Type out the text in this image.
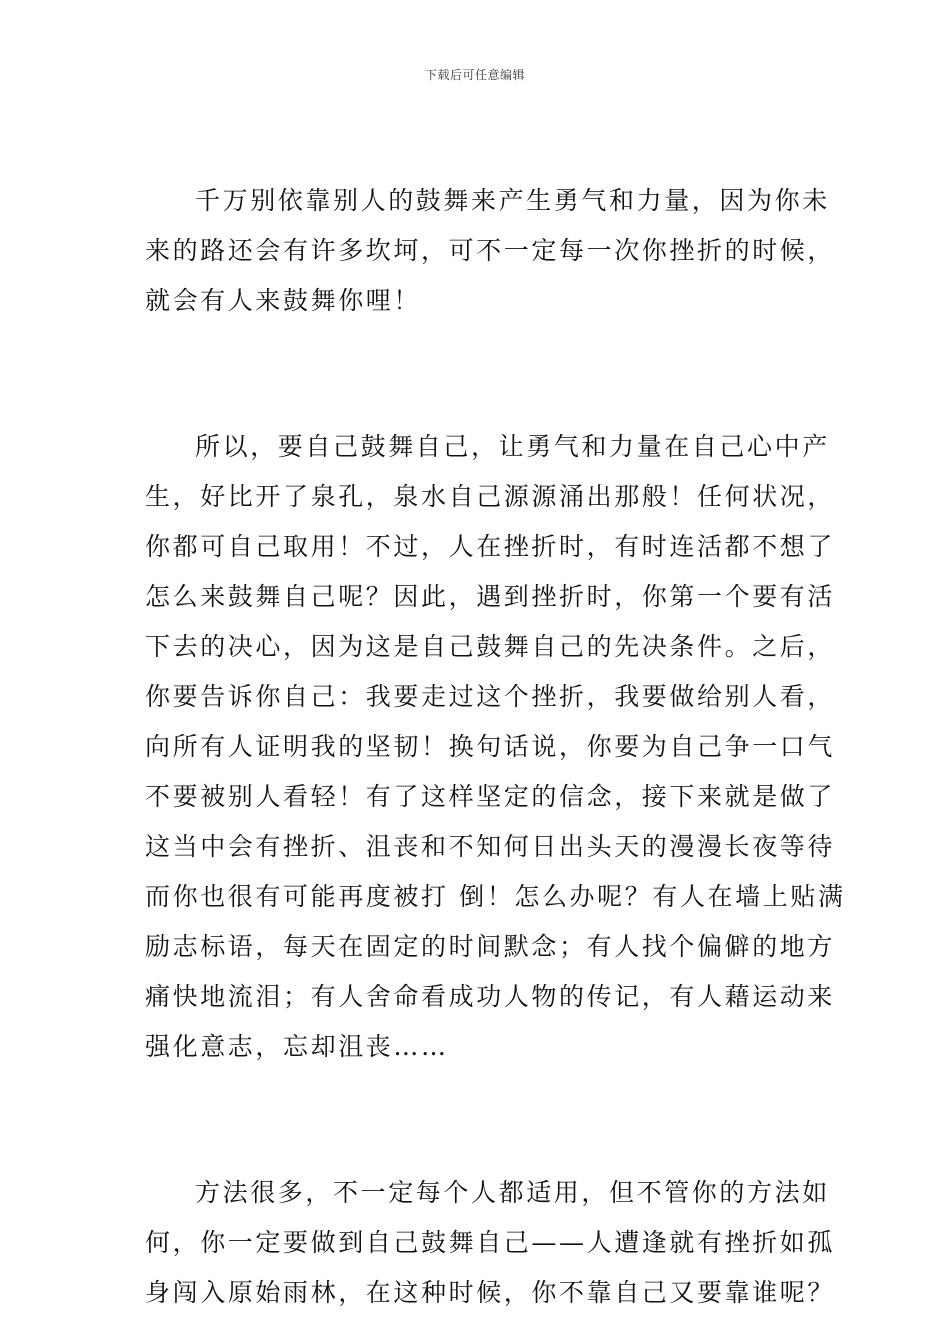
下载后可任意编辑
千万别依靠别人的鼓舞来产生勇气和力量，因为你未
来的路还会有许多坎坷，可不一定每一次你挫折的时候，
就会有人来鼓舞你哩！
所以，要自己鼓舞自己，让勇气和力量在自己心中产
生，好比开了泉孔，泉水自己源源涌出那般！任何状况，
你都可自己取用！不过，人在挫折时，有时连活都不想了
怎么来鼓舞自己呢？因此，遇到挫折时，你第一个要有活
下去的决心，因为这是自己鼓舞自己的先决条件。之后，
你要告诉你自己：我要走过这个挫折，我要做给别人看，
向所有人证明我的坚韧！换句话说，你要为自己争一口气
不要被别人看轻！有了这样坚定的信念，接下来就是做了
这当中会有挫折、沮丧和不知何日出头天的漫漫长夜等待
而你也很有可能再度被打 倒！怎么办呢？有人在墙上贴满
励志标语，每天在固定的时间默念；有人找个偏僻的地方
痛快地流泪；有人舍命看成功人物的传记，有人藉运动来
强化意志，忘却沮丧……
方法很多，不一定每个人都适用，但不管你的方法如
何，你一定要做到自己鼓舞自己——人遭逢就有挫折如孤
身闯入原始雨林，在这种时候，你不靠自己又要靠谁呢？
